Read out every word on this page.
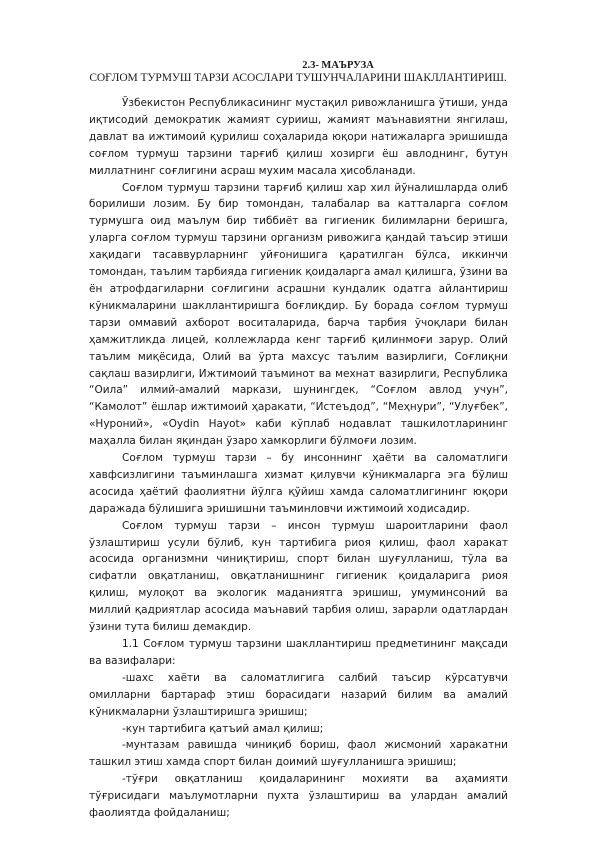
2.3- МАЪРУЗА
СОҒЛОМ ТУРМУШ ТАРЗИ АСОСЛАРИ ТУШУНЧАЛАРИНИ ШАКЛЛАНТИРИШ.

Ўзбекистон Республикасининг мустақил ривожланишга ўтиши, унда иқтисодий демократик жамият сурииш, жамият маънавиятни янгилаш, давлат ва ижтимоий қурилиш соҳаларида юқори натижаларга эришишда соғлом турмуш тарзини тарғиб қилиш хозирги ёш авлоднинг, бутун миллатнинг соғлигини асраш мухим масала ҳисобланади.

Соғлом турмуш тарзини тарғиб қилиш хар хил йўналишларда олиб борилиши лозим. Бу бир томондан, талабалар ва катталарга соғлом турмушга оид маълум бир тиббиёт ва гигиеник билимларни беришга, уларга соғлом турмуш тарзини организм ривожига қандай таъсир этиши хақидаги тасаввурларнинг уйғонишига қаратилган бўлса, иккинчи томондан, таълим тарбияда гигиеник қоидаларга амал қилишга, ўзини ва ён атрофдагиларни соғлигини асрашни кундалик одатга айлантириш кўникмаларини шакллантиришга боғлиқдир. Бу борада соғлом турмуш тарзи оммавий ахборот воситаларида, барча тарбия ўчоқлари билан ҳамжитликда лицей, коллежларда кенг тарғиб қилинмоғи зарур. Олий таълим миқёсида, Олий ва ўрта махсус таълим вазирлиги, Соғлиқни сақлаш вазирлиги, Ижтимоий таъминот ва мехнат вазирлиги, Республика “Оила” илмий-амалий маркази, шунингдек, “Соғлом авлод учун”, “Камолот” ёшлар ижтимоий ҳаракати, “Истеъдод”, “Меҳнури”, “Улуғбек”, «Нуроний», «Oydin Hayot» каби кўплаб нодавлат ташкилотларининг маҳалла билан яқиндан ўзаро хамкорлиги бўлмоғи лозим.

Соғлом турмуш тарзи – бу инсоннинг ҳаёти ва саломатлиги хавфсизлигини таъминлашга хизмат қилувчи кўникмаларга эга бўлиш асосида ҳаётий фаолиятни йўлга қўйиш хамда саломатлигининг юқори даражада бўлишига эришишни таъминловчи ижтимоий ходисадир.

Соғлом турмуш тарзи – инсон турмуш шароитларини фаол ўзлаштириш усули бўлиб, кун тартибига риоя қилиш, фаол харакат асосида организмни чиниқтириш, спорт билан шуғулланиш, тўла ва сифатли овқатланиш, овқатланишнинг гигиеник қоидаларига риоя қилиш, мулоқот ва экологик маданиятга эришиш, умуминсоний ва миллий қадриятлар асосида маънавий тарбия олиш, зарарли одатлардан ўзини тута билиш демакдир.

1.1 Соғлом турмуш тарзини шакллантириш предметининг мақсади ва вазифалари:

-шахс хаёти ва саломатлигига салбий таъсир кўрсатувчи омилларни бартараф этиш борасидаги назарий билим ва амалий кўникмаларни ўзлаштиришга эришиш;

-кун тартибига қатъий амал қилиш;

-мунтазам равишда чиниқиб бориш, фаол жисмоний харакатни ташкил этиш хамда спорт билан доимий шуғулланишга эришиш;

-тўғри овқатланиш қоидаларининг мохияти ва аҳамияти тўғрисидаги маълумотларни пухта ўзлаштириш ва улардан амалий фаолиятда фойдаланиш;
